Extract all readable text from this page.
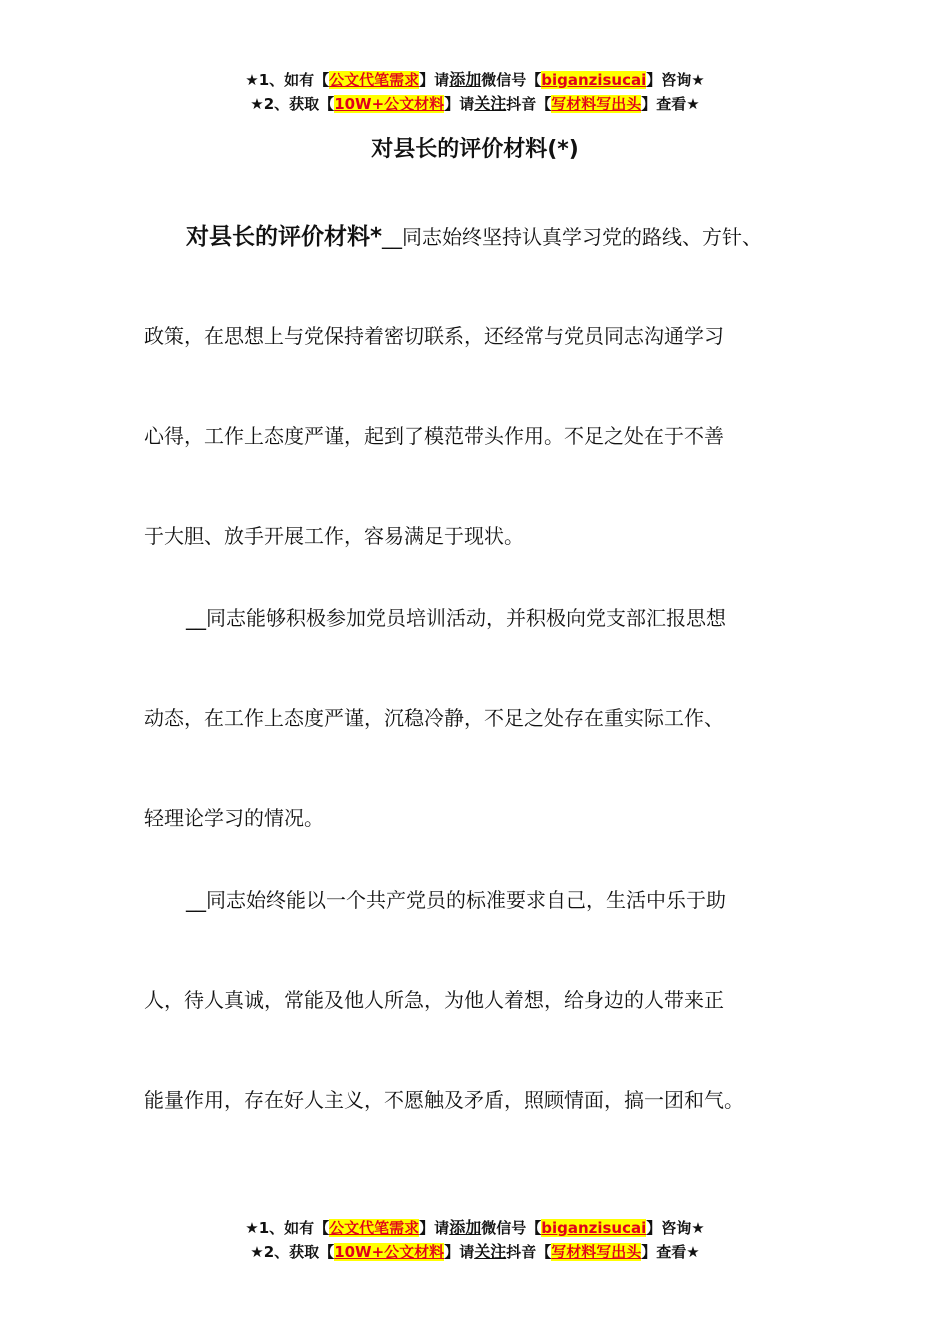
★1、如有【公文代笔需求】请添加微信号【biganzisucai】咨询★
★2、获取【10W+公文材料】请关注抖音【写材料写出头】查看★
对县长的评价材料(*)
对县长的评价材料*__同志始终坚持认真学习党的路线、方针、
政策，在思想上与党保持着密切联系，还经常与党员同志沟通学习
心得，工作上态度严谨，起到了模范带头作用。不足之处在于不善
于大胆、放手开展工作，容易满足于现状。
__同志能够积极参加党员培训活动，并积极向党支部汇报思想
动态，在工作上态度严谨，沉稳冷静，不足之处存在重实际工作、
轻理论学习的情况。
__同志始终能以一个共产党员的标准要求自己，生活中乐于助
人，待人真诚，常能及他人所急，为他人着想，给身边的人带来正
能量作用，存在好人主义，不愿触及矛盾，照顾情面，搞一团和气。
★1、如有【公文代笔需求】请添加微信号【biganzisucai】咨询★
★2、获取【10W+公文材料】请关注抖音【写材料写出头】查看★
